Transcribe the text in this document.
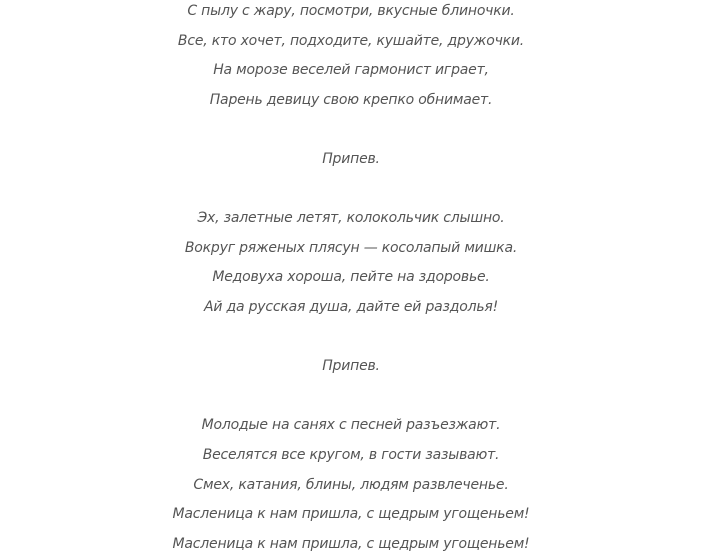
С пылу с жару, посмотри, вкусные блиночки.
Все, кто хочет, подходите, кушайте, дружочки.
На морозе веселей гармонист играет,
Парень девицу свою крепко обнимает.
Припев.
Эх, залетные летят, колокольчик слышно.
Вокруг ряженых плясун — косолапый мишка.
Медовуха хороша, пейте на здоровье.
Ай да русская душа, дайте ей раздолья!
Припев.
Молодые на санях с песней разъезжают.
Веселятся все кругом, в гости зазывают.
Смех, катания, блины, людям развлеченье.
Масленица к нам пришла, с щедрым угощеньем!
Масленица к нам пришла, с щедрым угощеньем!
